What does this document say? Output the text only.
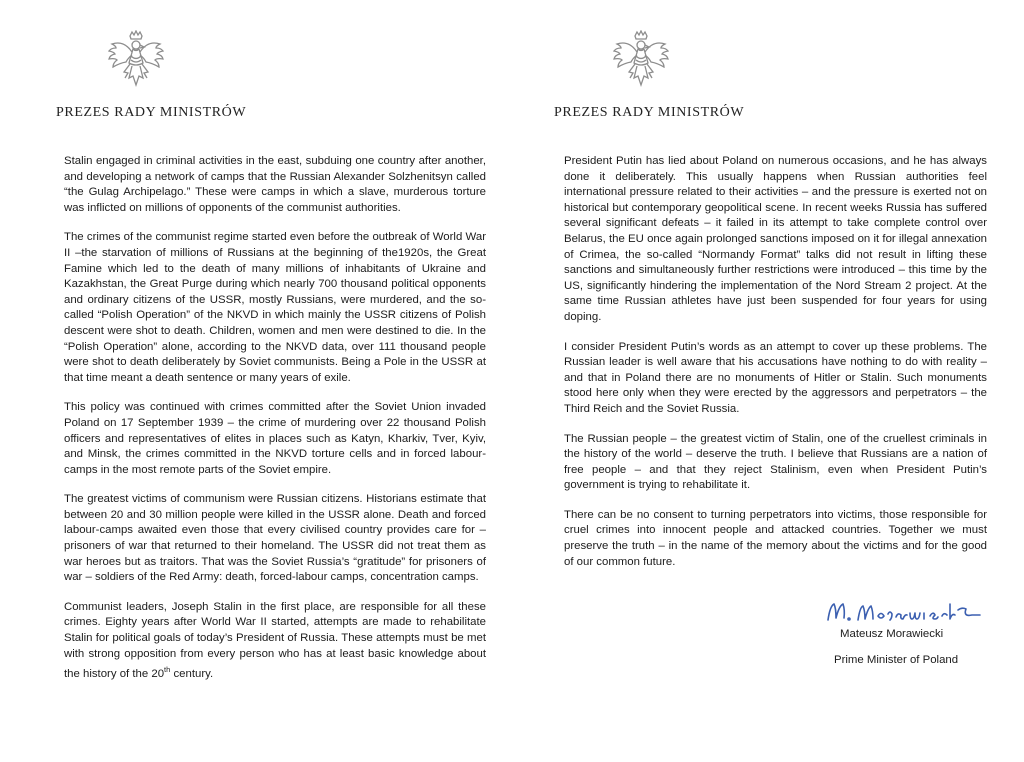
PREZES RADY MINISTRÓW

Stalin engaged in criminal activities in the east, subduing one country after another, and developing a network of camps that the Russian Alexander Solzhenitsyn called “the Gulag Archipelago.” These were camps in which a slave, murderous torture was inflicted on millions of opponents of the communist authorities.

The crimes of the communist regime started even before the outbreak of World War II –the starvation of millions of Russians at the beginning of the1920s, the Great Famine which led to the death of many millions of inhabitants of Ukraine and Kazakhstan, the Great Purge during which nearly 700 thousand political opponents and ordinary citizens of the USSR, mostly Russians, were murdered, and the so-called “Polish Operation” of the NKVD in which mainly the USSR citizens of Polish descent were shot to death. Children, women and men were destined to die. In the “Polish Operation” alone, according to the NKVD data, over 111 thousand people were shot to death deliberately by Soviet communists. Being a Pole in the USSR at that time meant a death sentence or many years of exile.

This policy was continued with crimes committed after the Soviet Union invaded Poland on 17 September 1939 – the crime of murdering over 22 thousand Polish officers and representatives of elites in places such as Katyn, Kharkiv, Tver, Kyiv, and Minsk, the crimes committed in the NKVD torture cells and in forced labour-camps in the most remote parts of the Soviet empire.

The greatest victims of communism were Russian citizens. Historians estimate that between 20 and 30 million people were killed in the USSR alone. Death and forced labour-camps awaited even those that every civilised country provides care for – prisoners of war that returned to their homeland. The USSR did not treat them as war heroes but as traitors. That was the Soviet Russia’s “gratitude” for prisoners of war – soldiers of the Red Army: death, forced-labour camps, concentration camps.

Communist leaders, Joseph Stalin in the first place, are responsible for all these crimes. Eighty years after World War II started, attempts are made to rehabilitate Stalin for political goals of today’s President of Russia. These attempts must be met with strong opposition from every person who has at least basic knowledge about the history of the 20th century.

PREZES RADY MINISTRÓW

President Putin has lied about Poland on numerous occasions, and he has always done it deliberately. This usually happens when Russian authorities feel international pressure related to their activities – and the pressure is exerted not on historical but contemporary geopolitical scene. In recent weeks Russia has suffered several significant defeats – it failed in its attempt to take complete control over Belarus, the EU once again prolonged sanctions imposed on it for illegal annexation of Crimea, the so-called “Normandy Format” talks did not result in lifting these sanctions and simultaneously further restrictions were introduced – this time by the US, significantly hindering the implementation of the Nord Stream 2 project. At the same time Russian athletes have just been suspended for four years for using doping.

I consider President Putin’s words as an attempt to cover up these problems. The Russian leader is well aware that his accusations have nothing to do with reality – and that in Poland there are no monuments of Hitler or Stalin. Such monuments stood here only when they were erected by the aggressors and perpetrators – the Third Reich and the Soviet Russia.

The Russian people – the greatest victim of Stalin, one of the cruellest criminals in the history of the world – deserve the truth. I believe that Russians are a nation of free people – and that they reject Stalinism, even when President Putin’s government is trying to rehabilitate it.

There can be no consent to turning perpetrators into victims, those responsible for cruel crimes into innocent people and attacked countries. Together we must preserve the truth – in the name of the memory about the victims and for the good of our common future.

Mateusz Morawiecki
Prime Minister of Poland
